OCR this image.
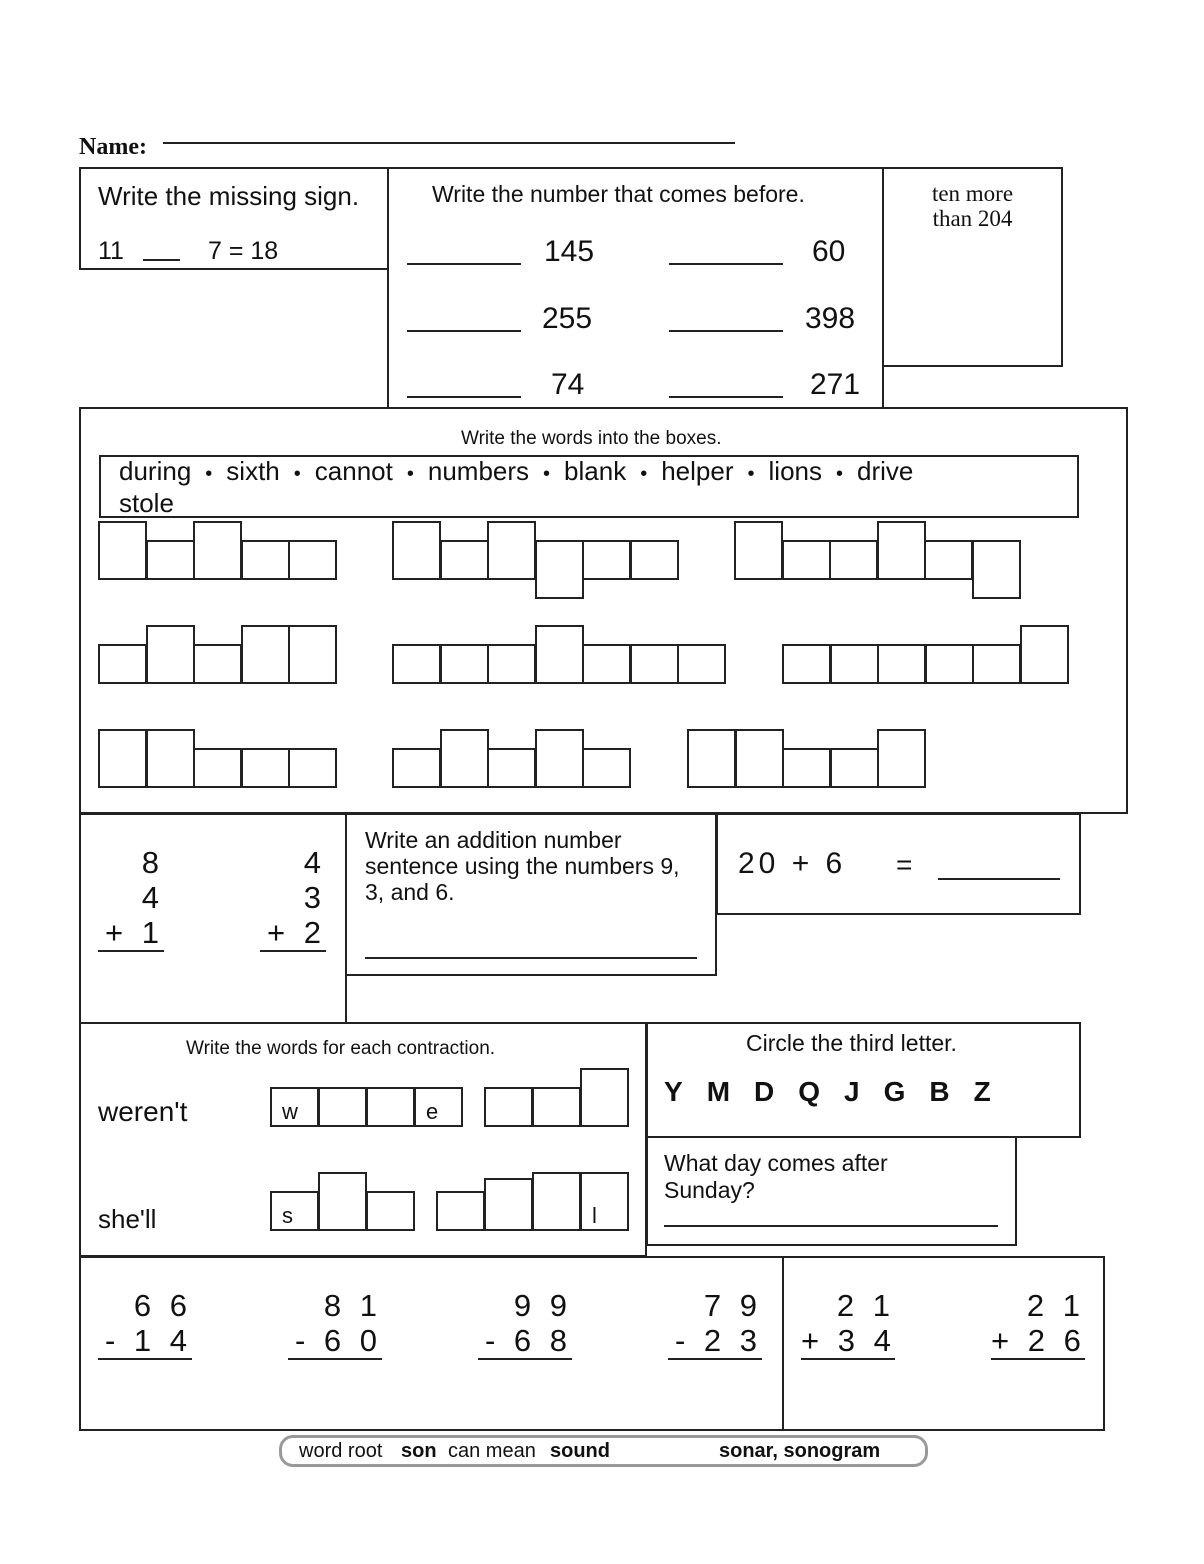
Name:
Write the missing sign.
11	7 = 18
Write the number that comes before.
145	60
255	398
74	271
ten more
than 204
Write the words into the boxes.
during • sixth • cannot • numbers • blank • helper • lions • drive
stole
8
4
+ 1
4
3
+ 2
Write an addition number sentence using the numbers 9, 3, and 6.
20 + 6 =
Write the words for each contraction.
weren't
she'll
w	e
s	l
Circle the third letter.
Y M D Q J G B Z
What day comes after Sunday?
6 6
- 1 4
8 1
- 6 0
9 9
- 6 8
7 9
- 2 3
2 1
+ 3 4
2 1
+ 2 6
word root son can mean sound	sonar, sonogram
